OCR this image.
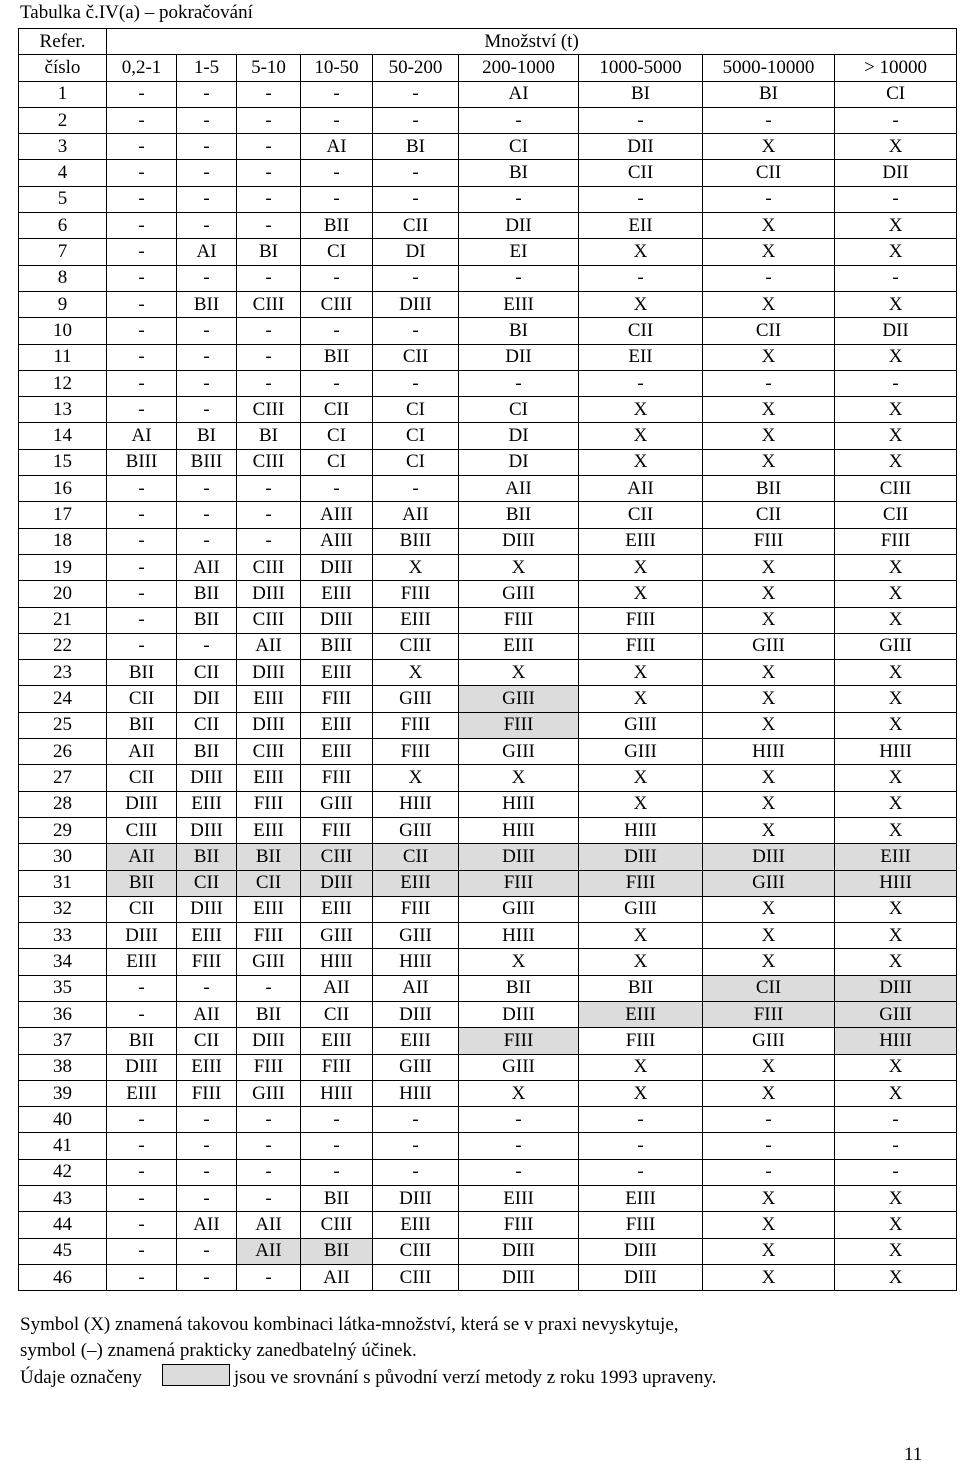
Tabulka č.IV(a) – pokračování
Refer.	Množství (t)								
číslo	0,2-1	1-5	5-10	10-50	50-200	200-1000	1000-5000	5000-10000	> 10000
1	-	-	-	-	-	AI	BI	BI	CI
2	-	-	-	-	-	-	-	-	-
3	-	-	-	AI	BI	CI	DII	X	X
4	-	-	-	-	-	BI	CII	CII	DII
5	-	-	-	-	-	-	-	-	-
6	-	-	-	BII	CII	DII	EII	X	X
7	-	AI	BI	CI	DI	EI	X	X	X
8	-	-	-	-	-	-	-	-	-
9	-	BII	CIII	CIII	DIII	EIII	X	X	X
10	-	-	-	-	-	BI	CII	CII	DII
11	-	-	-	BII	CII	DII	EII	X	X
12	-	-	-	-	-	-	-	-	-
13	-	-	CIII	CII	CI	CI	X	X	X
14	AI	BI	BI	CI	CI	DI	X	X	X
15	BIII	BIII	CIII	CI	CI	DI	X	X	X
16	-	-	-	-	-	AII	AII	BII	CIII
17	-	-	-	AIII	AII	BII	CII	CII	CII
18	-	-	-	AIII	BIII	DIII	EIII	FIII	FIII
19	-	AII	CIII	DIII	X	X	X	X	X
20	-	BII	DIII	EIII	FIII	GIII	X	X	X
21	-	BII	CIII	DIII	EIII	FIII	FIII	X	X
22	-	-	AII	BIII	CIII	EIII	FIII	GIII	GIII
23	BII	CII	DIII	EIII	X	X	X	X	X
24	CII	DII	EIII	FIII	GIII	GIII	X	X	X
25	BII	CII	DIII	EIII	FIII	FIII	GIII	X	X
26	AII	BII	CIII	EIII	FIII	GIII	GIII	HIII	HIII
27	CII	DIII	EIII	FIII	X	X	X	X	X
28	DIII	EIII	FIII	GIII	HIII	HIII	X	X	X
29	CIII	DIII	EIII	FIII	GIII	HIII	HIII	X	X
30	AII	BII	BII	CIII	CII	DIII	DIII	DIII	EIII
31	BII	CII	CII	DIII	EIII	FIII	FIII	GIII	HIII
32	CII	DIII	EIII	EIII	FIII	GIII	GIII	X	X
33	DIII	EIII	FIII	GIII	GIII	HIII	X	X	X
34	EIII	FIII	GIII	HIII	HIII	X	X	X	X
35	-	-	-	AII	AII	BII	BII	CII	DIII
36	-	AII	BII	CII	DIII	DIII	EIII	FIII	GIII
37	BII	CII	DIII	EIII	EIII	FIII	FIII	GIII	HIII
38	DIII	EIII	FIII	FIII	GIII	GIII	X	X	X
39	EIII	FIII	GIII	HIII	HIII	X	X	X	X
40	-	-	-	-	-	-	-	-	-
41	-	-	-	-	-	-	-	-	-
42	-	-	-	-	-	-	-	-	-
43	-	-	-	BII	DIII	EIII	EIII	X	X
44	-	AII	AII	CIII	EIII	FIII	FIII	X	X
45	-	-	AII	BII	CIII	DIII	DIII	X	X
46	-	-	-	AII	CIII	DIII	DIII	X	X
Symbol (X) znamená takovou kombinaci látka-množství, která se v praxi nevyskytuje,
symbol (–) znamená prakticky zanedbatelný účinek.
Údaje označeny	jsou ve srovnání s původní verzí metody z roku 1993 upraveny.
11
